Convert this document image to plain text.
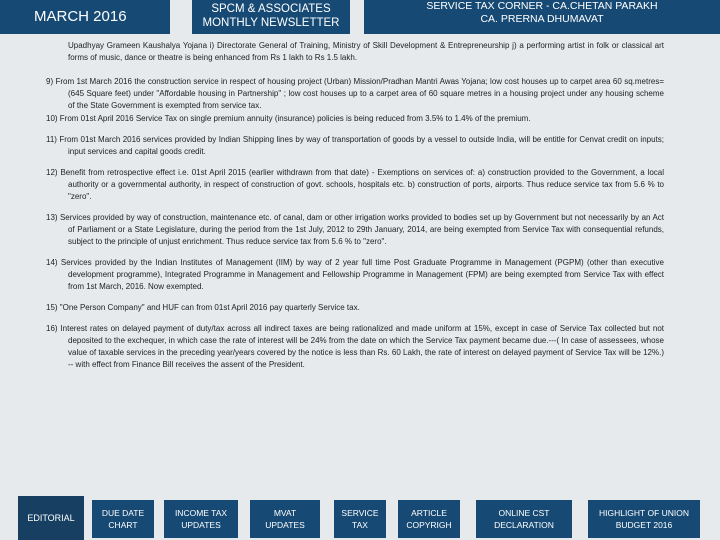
MARCH 2016	SPCM & ASSOCIATES
MONTHLY NEWSLETTER
SERVICE TAX CORNER - CA.CHETAN PARAKH
CA. PRERNA DHUMAVAT

Upadhyay Grameen Kaushalya Yojana i) Directorate General of Training, Ministry of Skill Development & Entrepreneurship j) a performing artist in folk or classical art forms of music, dance or theatre is being enhanced from Rs 1 lakh to Rs 1.5 lakh.

9) From 1st March 2016 the construction service in respect of housing project (Urban) Mission/Pradhan Mantri Awas Yojana; low cost houses up to carpet area 60 sq.metres=(645 Square feet) under "Affordable housing in Partnership" ; low cost houses up to a carpet area of 60 square metres in a housing project under any housing scheme of the State Government is exempted from service tax.

10) From 01st April 2016 Service Tax on single premium annuity (insurance) policies is being reduced from 3.5% to 1.4% of the premium.

11) From 01st March 2016 services provided by Indian Shipping lines by way of transportation of goods by a vessel to outside India, will be entitle for Cenvat credit on inputs; input services and capital goods credit.

12) Benefit from retrospective effect i.e. 01st April 2015 (earlier withdrawn from that date) - Exemptions on services of: a) construction provided to the Government, a local authority or a governmental authority, in respect of construction of govt. schools, hospitals etc. b) construction of ports, airports. Thus reduce service tax from 5.6 % to "zero".

13) Services provided by way of construction, maintenance etc. of canal, dam or other irrigation works provided to bodies set up by Government but not necessarily by an Act of Parliament or a State Legislature, during the period from the 1st July, 2012 to 29th January, 2014, are being exempted from Service Tax with consequential refunds, subject to the principle of unjust enrichment. Thus reduce service tax from 5.6 % to "zero".

14) Services provided by the Indian Institutes of Management (IIM) by way of 2 year full time Post Graduate Programme in Management (PGPM) (other than executive development programme), Integrated Programme in Management and Fellowship Programme in Management (FPM) are being exempted from Service Tax with effect from 1st March, 2016. Now exempted.

15) "One Person Company" and HUF can from 01st April 2016 pay quarterly Service tax.

16) Interest rates on delayed payment of duty/tax across all indirect taxes are being rationalized and made uniform at 15%, except in case of Service Tax collected but not deposited to the exchequer, in which case the rate of interest will be 24% from the date on which the Service Tax payment became due.---( In case of assessees, whose value of taxable services in the preceding year/years covered by the notice is less than Rs. 60 Lakh, the rate of interest on delayed payment of Service Tax will be 12%.) -- with effect from Finance Bill receives the assent of the President.

EDITORIAL	DUE DATE
CHART
INCOME TAX
UPDATES
MVAT
UPDATES
SERVICE
TAX
ARTICLE
COPYRIGH
ONLINE CST
DECLARATION
HIGHLIGHT OF UNION
BUDGET 2016
